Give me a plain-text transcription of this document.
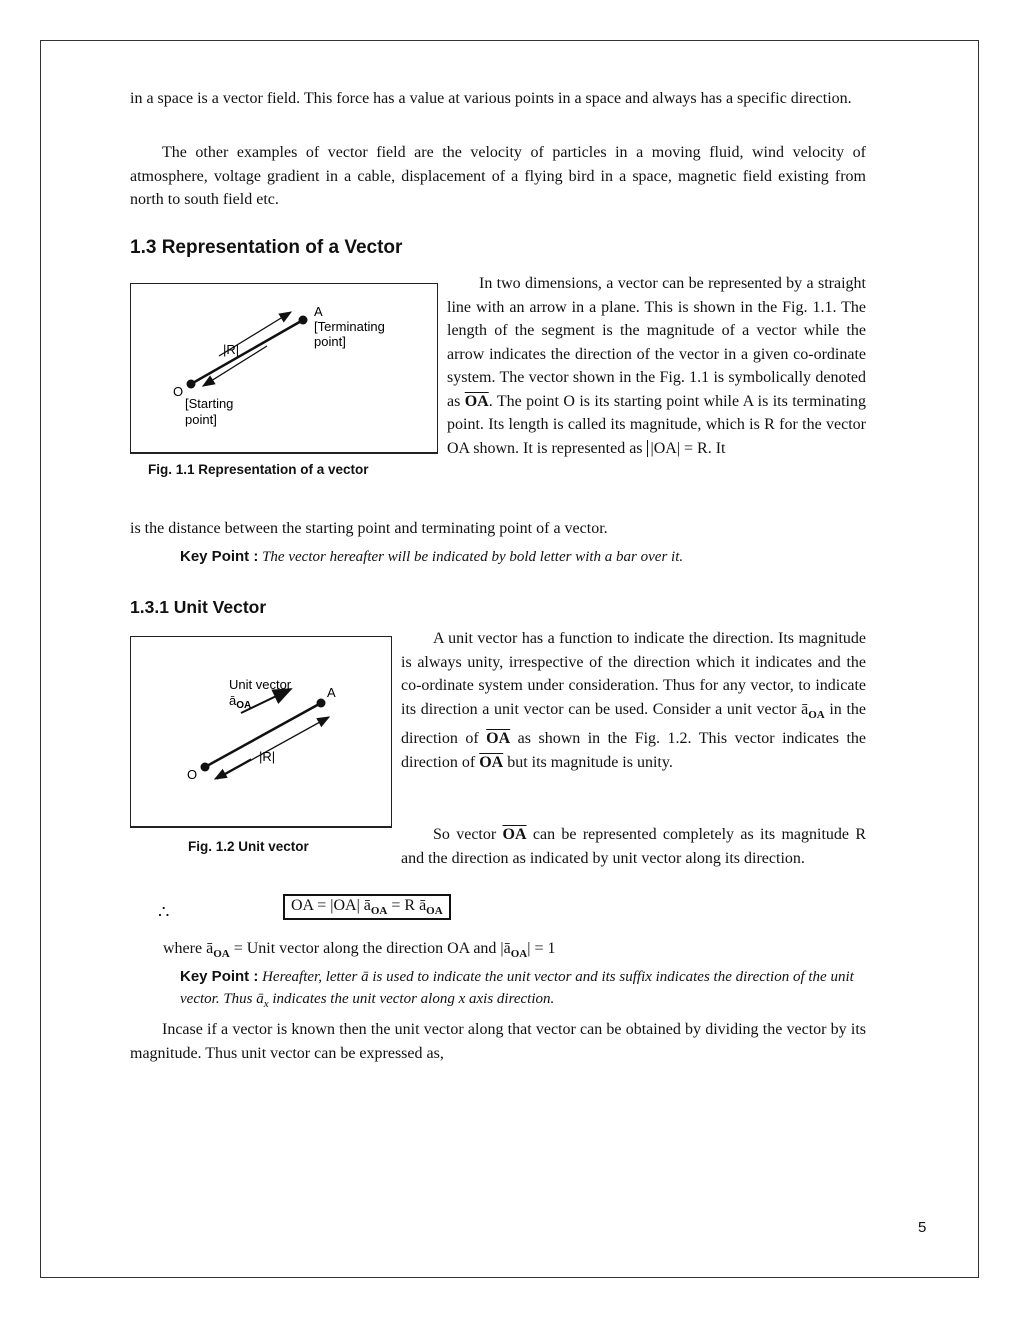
in a space is a vector field. This force has a value at various points in a space and always has a specific direction.
The other examples of vector field are the velocity of particles in a moving fluid, wind velocity of atmosphere, voltage gradient in a cable, displacement of a flying bird in a space, magnetic field existing from north to south field etc.
1.3 Representation of a Vector
A
[Terminating
point]
|R|
O
[Starting
point]
Fig. 1.1 Representation of a vector
In two dimensions, a vector can be represented by a straight line with an arrow in a plane. This is shown in the Fig. 1.1. The length of the segment is the magnitude of a vector while the arrow indicates the direction of the vector in a given co-ordinate system. The vector shown in the Fig. 1.1 is symbolically denoted as $\overline{OA}$. The point O is its starting point while A is its terminating point. Its length is called its magnitude, which is R for the vector OA shown. It is represented as |OA| = R. It
is the distance between the starting point and terminating point of a vector.
Key Point : The vector hereafter will be indicated by bold letter with a bar over it.
1.3.1 Unit Vector
Unit vector
$ā_{OA}$
A
|R|
O
Fig. 1.2 Unit vector
A unit vector has a function to indicate the direction. Its magnitude is always unity, irrespective of the direction which it indicates and the co-ordinate system under consideration. Thus for any vector, to indicate its direction a unit vector can be used. Consider a unit vector $ā_{OA}$ in the direction of $\overline{OA}$ as shown in the Fig. 1.2. This vector indicates the direction of $\overline{OA}$ but its magnitude is unity.
So vector $\overline{OA}$ can be represented completely as its magnitude R and the direction as indicated by unit vector along its direction.
∴	OA = |OA| $ā_{OA} = R$ $ā_{OA}$
where $ā_{OA}$ = Unit vector along the direction OA and $|ā_{OA}| = 1$
Key Point : Hereafter, letter ā is used to indicate the unit vector and its suffix indicates the direction of the unit vector. Thus $ā_x$ indicates the unit vector along x axis direction.
Incase if a vector is known then the unit vector along that vector can be obtained by dividing the vector by its magnitude. Thus unit vector can be expressed as,
5
